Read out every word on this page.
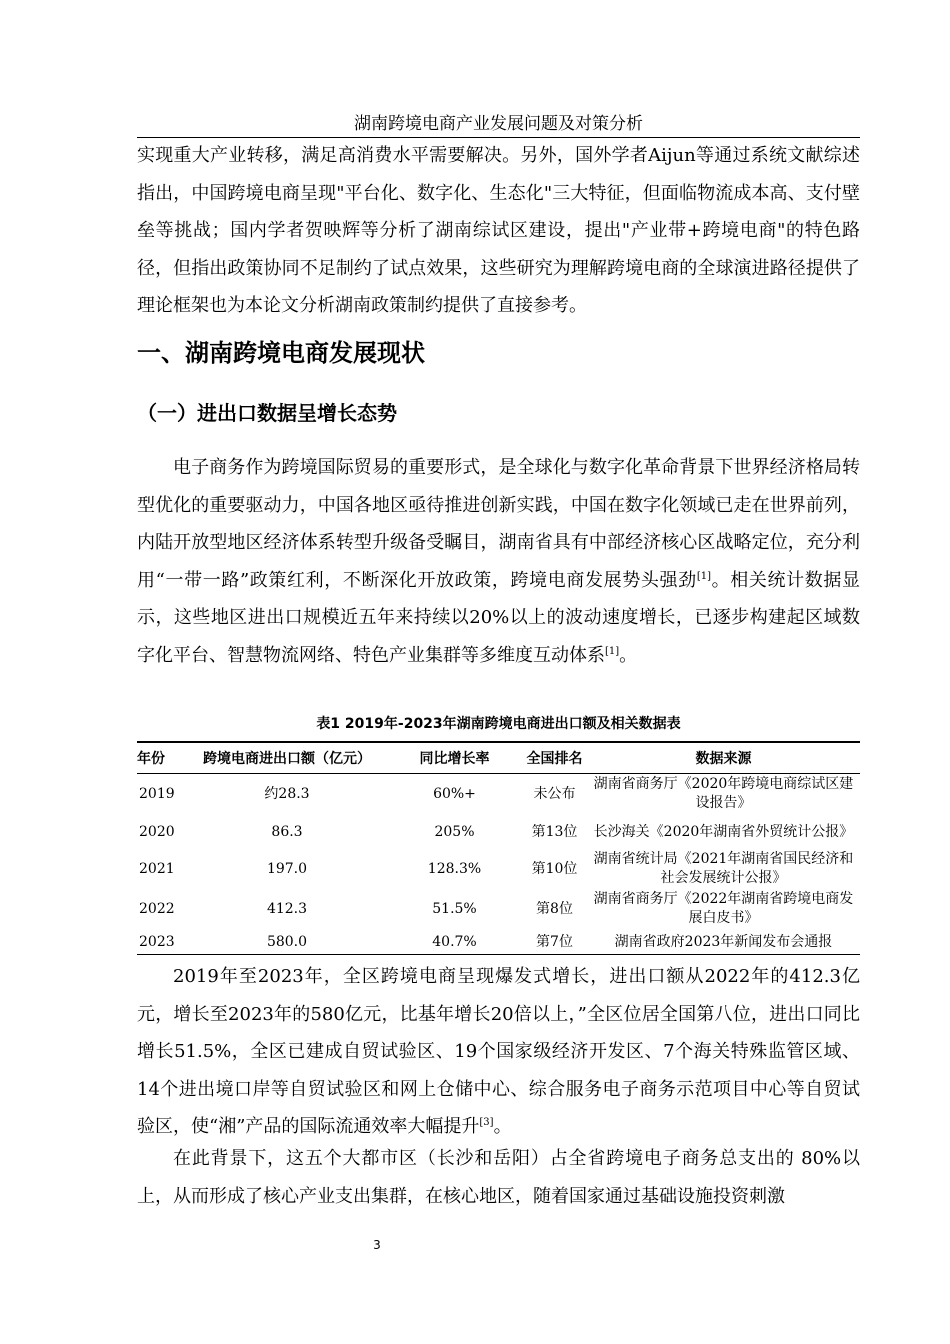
湖南跨境电商产业发展问题及对策分析

实现重大产业转移，满足高消费水平需要解决。另外，国外学者Aijun等通过系统文献综述指出，中国跨境电商呈现"平台化、数字化、生态化"三大特征，但面临物流成本高、支付壁垒等挑战；国内学者贺映辉等分析了湖南综试区建设，提出"产业带+跨境电商"的特色路径，但指出政策协同不足制约了试点效果，这些研究为理解跨境电商的全球演进路径提供了理论框架也为本论文分析湖南政策制约提供了直接参考。

一、湖南跨境电商发展现状
（一）进出口数据呈增长态势

电子商务作为跨境国际贸易的重要形式，是全球化与数字化革命背景下世界经济格局转型优化的重要驱动力，中国各地区亟待推进创新实践，中国在数字化领域已走在世界前列，内陆开放型地区经济体系转型升级备受瞩目，湖南省具有中部经济核心区战略定位，充分利用“一带一路”政策红利，不断深化开放政策，跨境电商发展势头强劲[1]。相关统计数据显示，这些地区进出口规模近五年来持续以20%以上的波动速度增长，已逐步构建起区域数字化平台、智慧物流网络、特色产业集群等多维度互动体系[1]。

表1 2019年-2023年湖南跨境电商进出口额及相关数据表

年份	跨境电商进出口额（亿元）	同比增长率	全国排名	数据来源
2019	约28.3	60%+	未公布	湖南省商务厅《2020年跨境电商综试区建设报告》
2020	86.3	205%	第13位	长沙海关《2020年湖南省外贸统计公报》
2021	197.0	128.3%	第10位	湖南省统计局《2021年湖南省国民经济和社会发展统计公报》
2022	412.3	51.5%	第8位	湖南省商务厅《2022年湖南省跨境电商发展白皮书》
2023	580.0	40.7%	第7位	湖南省政府2023年新闻发布会通报

2019年至2023年，全区跨境电商呈现爆发式增长，进出口额从2022年的412.3亿元，增长至2023年的580亿元，比基年增长20倍以上，”全区位居全国第八位，进出口同比增长51.5%，全区已建成自贸试验区、19个国家级经济开发区、7个海关特殊监管区域、14个进出境口岸等自贸试验区和网上仓储中心、综合服务电子商务示范项目中心等自贸试验区，使“湘”产品的国际流通效率大幅提升[3]。

在此背景下，这五个大都市区（长沙和岳阳）占全省跨境电子商务总支出的 80%以上，从而形成了核心产业支出集群，在核心地区，随着国家通过基础设施投资刺激

3
